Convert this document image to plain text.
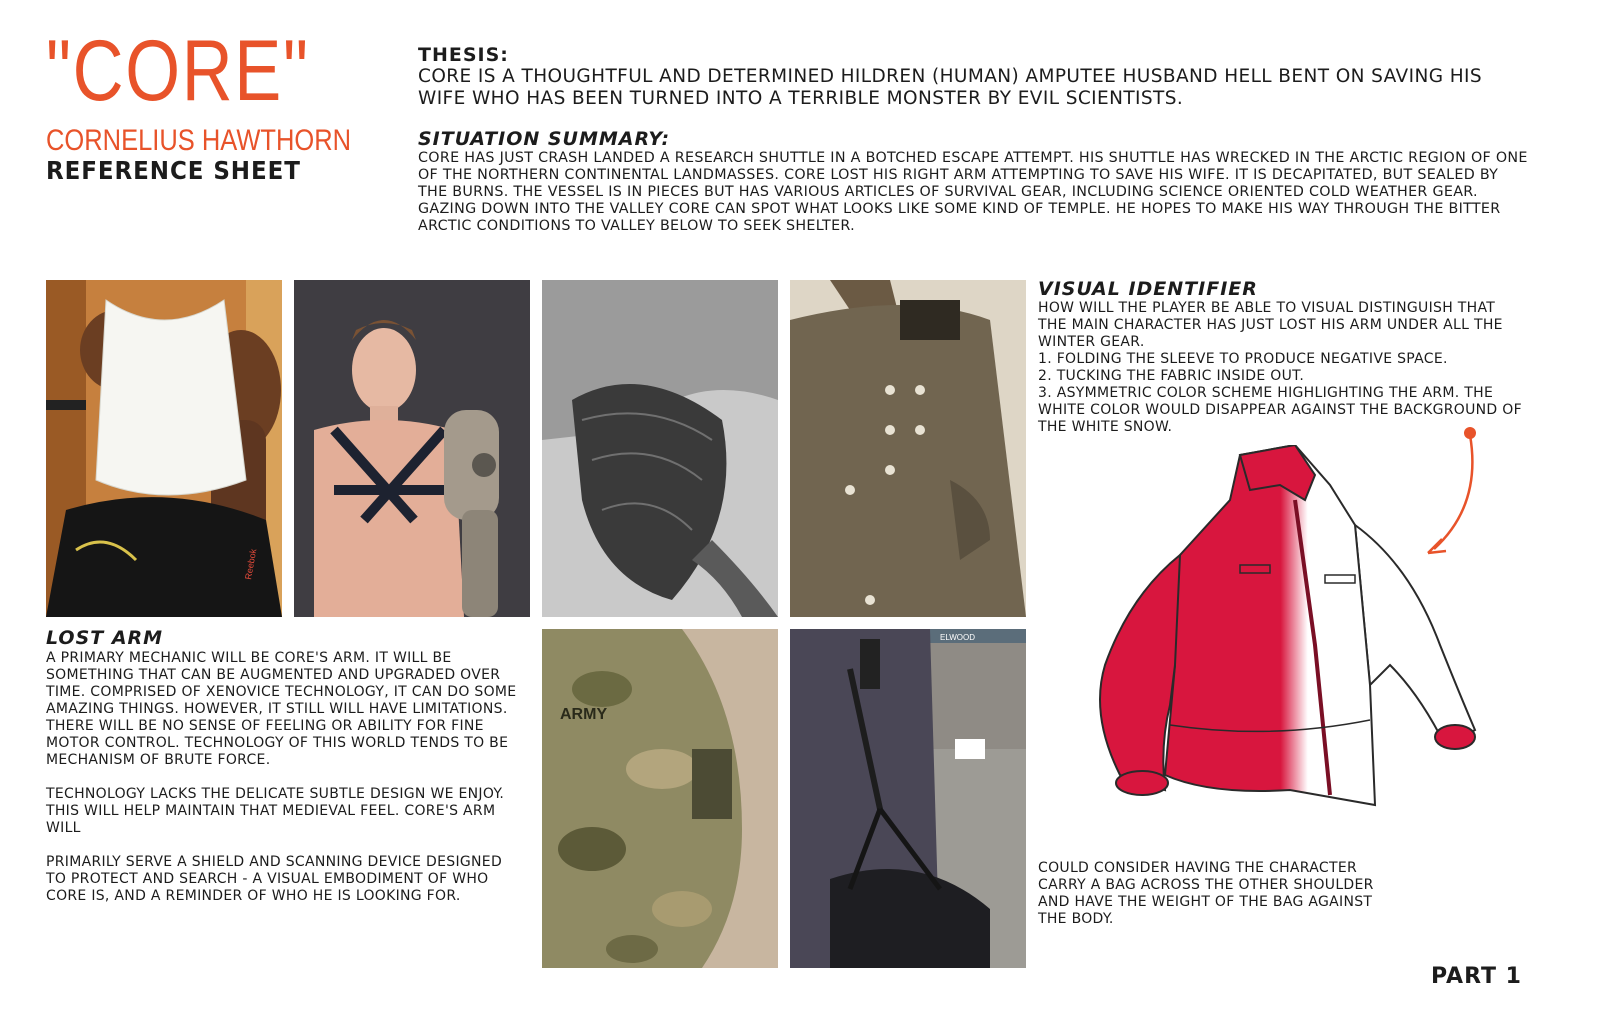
"CORE"
CORNELIUS HAWTHORN
REFERENCE SHEET
THESIS:
CORE IS A THOUGHTFUL AND DETERMINED HILDREN (HUMAN) AMPUTEE HUSBAND HELL BENT ON SAVING HIS WIFE WHO HAS BEEN TURNED INTO A TERRIBLE MONSTER BY EVIL SCIENTISTS.
SITUATION SUMMARY:
CORE HAS JUST CRASH LANDED A RESEARCH SHUTTLE IN A BOTCHED ESCAPE ATTEMPT. HIS SHUTTLE HAS WRECKED IN THE ARCTIC REGION OF ONE OF THE NORTHERN CONTINENTAL LANDMASSES. CORE LOST HIS RIGHT ARM ATTEMPTING TO SAVE HIS WIFE. IT IS DECAPITATED, BUT SEALED BY THE BURNS. THE VESSEL IS IN PIECES BUT HAS VARIOUS ARTICLES OF SURVIVAL GEAR, INCLUDING SCIENCE ORIENTED COLD WEATHER GEAR. GAZING DOWN INTO THE VALLEY CORE CAN SPOT WHAT LOOKS LIKE SOME KIND OF TEMPLE. HE HOPES TO MAKE HIS WAY THROUGH THE BITTER ARCTIC CONDITIONS TO VALLEY BELOW TO SEEK SHELTER.
Reebok
ARMY
ELWOOD
LOST ARM
A PRIMARY MECHANIC WILL BE CORE'S ARM. IT WILL BE SOMETHING THAT CAN BE AUGMENTED AND UPGRADED OVER TIME. COMPRISED OF XENOVICE TECHNOLOGY, IT CAN DO SOME AMAZING THINGS. HOWEVER, IT STILL WILL HAVE LIMITATIONS. THERE WILL BE NO SENSE OF FEELING OR ABILITY FOR FINE MOTOR CONTROL. TECHNOLOGY OF THIS WORLD TENDS TO BE MECHANISM OF BRUTE FORCE.
TECHNOLOGY LACKS THE DELICATE SUBTLE DESIGN WE ENJOY. THIS WILL HELP MAINTAIN THAT MEDIEVAL FEEL. CORE'S ARM WILL
PRIMARILY SERVE A SHIELD AND SCANNING DEVICE DESIGNED TO PROTECT AND SEARCH - A VISUAL EMBODIMENT OF WHO CORE IS, AND A REMINDER OF WHO HE IS LOOKING FOR.
VISUAL IDENTIFIER
HOW WILL THE PLAYER BE ABLE TO VISUAL DISTINGUISH THAT THE MAIN CHARACTER HAS JUST LOST HIS ARM UNDER ALL THE WINTER GEAR.
1. FOLDING THE SLEEVE TO PRODUCE NEGATIVE SPACE.
2. TUCKING THE FABRIC INSIDE OUT.
3. ASYMMETRIC COLOR SCHEME HIGHLIGHTING THE ARM. THE WHITE COLOR WOULD DISAPPEAR AGAINST THE BACKGROUND OF THE WHITE SNOW.
COULD CONSIDER HAVING THE CHARACTER CARRY A BAG ACROSS THE OTHER SHOULDER AND HAVE THE WEIGHT OF THE BAG AGAINST THE BODY.
PART 1
